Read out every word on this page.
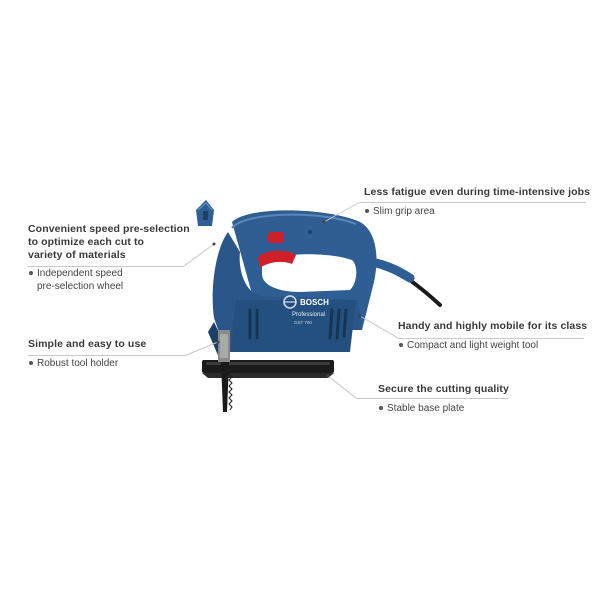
BOSCH
Professional
GST 700
Convenient speed pre-selection
to optimize each cut to
variety of materials
Independent speed
pre-selection wheel
Simple and easy to use
Robust tool holder
Less fatigue even during time-intensive jobs
Slim grip area
Handy and highly mobile for its class
Compact and light weight tool
Secure the cutting quality
Stable base plate
